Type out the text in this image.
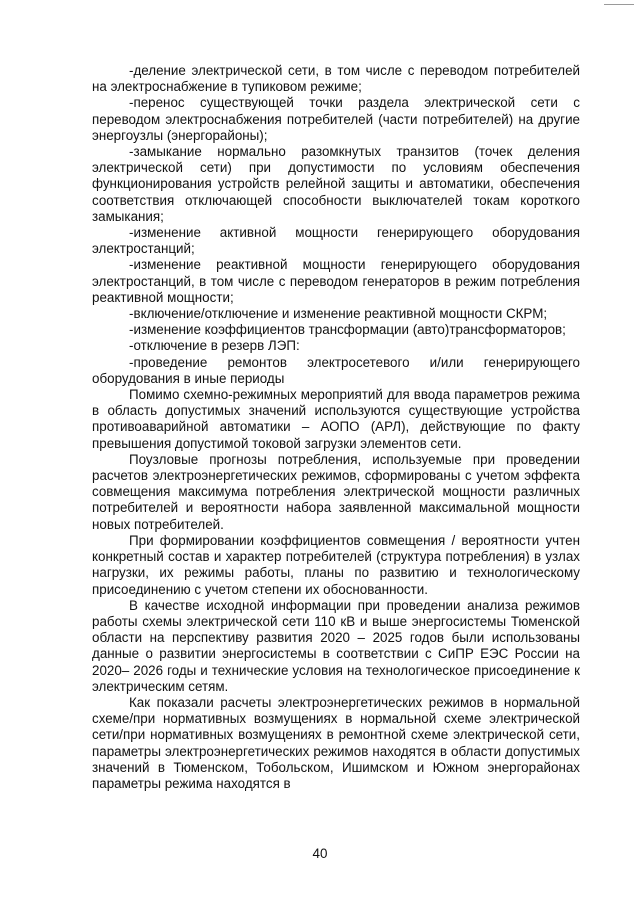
-деление электрической сети, в том числе с переводом потребителей на электроснабжение в тупиковом режиме;

-перенос существующей точки раздела электрической сети с переводом электроснабжения потребителей (части потребителей) на другие энергоузлы (энергорайоны);

-замыкание нормально разомкнутых транзитов (точек деления электрической сети) при допустимости по условиям обеспечения функционирования устройств релейной защиты и автоматики, обеспечения соответствия отключающей способности выключателей токам короткого замыкания;

-изменение активной мощности генерирующего оборудования электростанций;

-изменение реактивной мощности генерирующего оборудования электростанций, в том числе с переводом генераторов в режим потребления реактивной мощности;

-включение/отключение и изменение реактивной мощности СКРМ;

-изменение коэффициентов трансформации (авто)трансформаторов;

-отключение в резерв ЛЭП:

-проведение ремонтов электросетевого и/или генерирующего оборудования в иные периоды

Помимо схемно-режимных мероприятий для ввода параметров режима в область допустимых значений используются существующие устройства противоаварийной автоматики – АОПО (АРЛ), действующие по факту превышения допустимой токовой загрузки элементов сети.

Поузловые прогнозы потребления, используемые при проведении расчетов электроэнергетических режимов, сформированы с учетом эффекта совмещения максимума потребления электрической мощности различных потребителей и вероятности набора заявленной максимальной мощности новых потребителей.

При формировании коэффициентов совмещения / вероятности учтен конкретный состав и характер потребителей (структура потребления) в узлах нагрузки, их режимы работы, планы по развитию и технологическому присоединению с учетом степени их обоснованности.

В качестве исходной информации при проведении анализа режимов работы схемы электрической сети 110 кВ и выше энергосистемы Тюменской области на перспективу развития 2020 – 2025 годов были использованы данные о развитии энергосистемы в соответствии с СиПР ЕЭС России на 2020– 2026 годы и технические условия на технологическое присоединение к электрическим сетям.

Как показали расчеты электроэнергетических режимов в нормальной схеме/при нормативных возмущениях в нормальной схеме электрической сети/при нормативных возмущениях в ремонтной схеме электрической сети, параметры электроэнергетических режимов находятся в области допустимых значений в Тюменском, Тобольском, Ишимском и Южном энергорайонах параметры режима находятся в

40
